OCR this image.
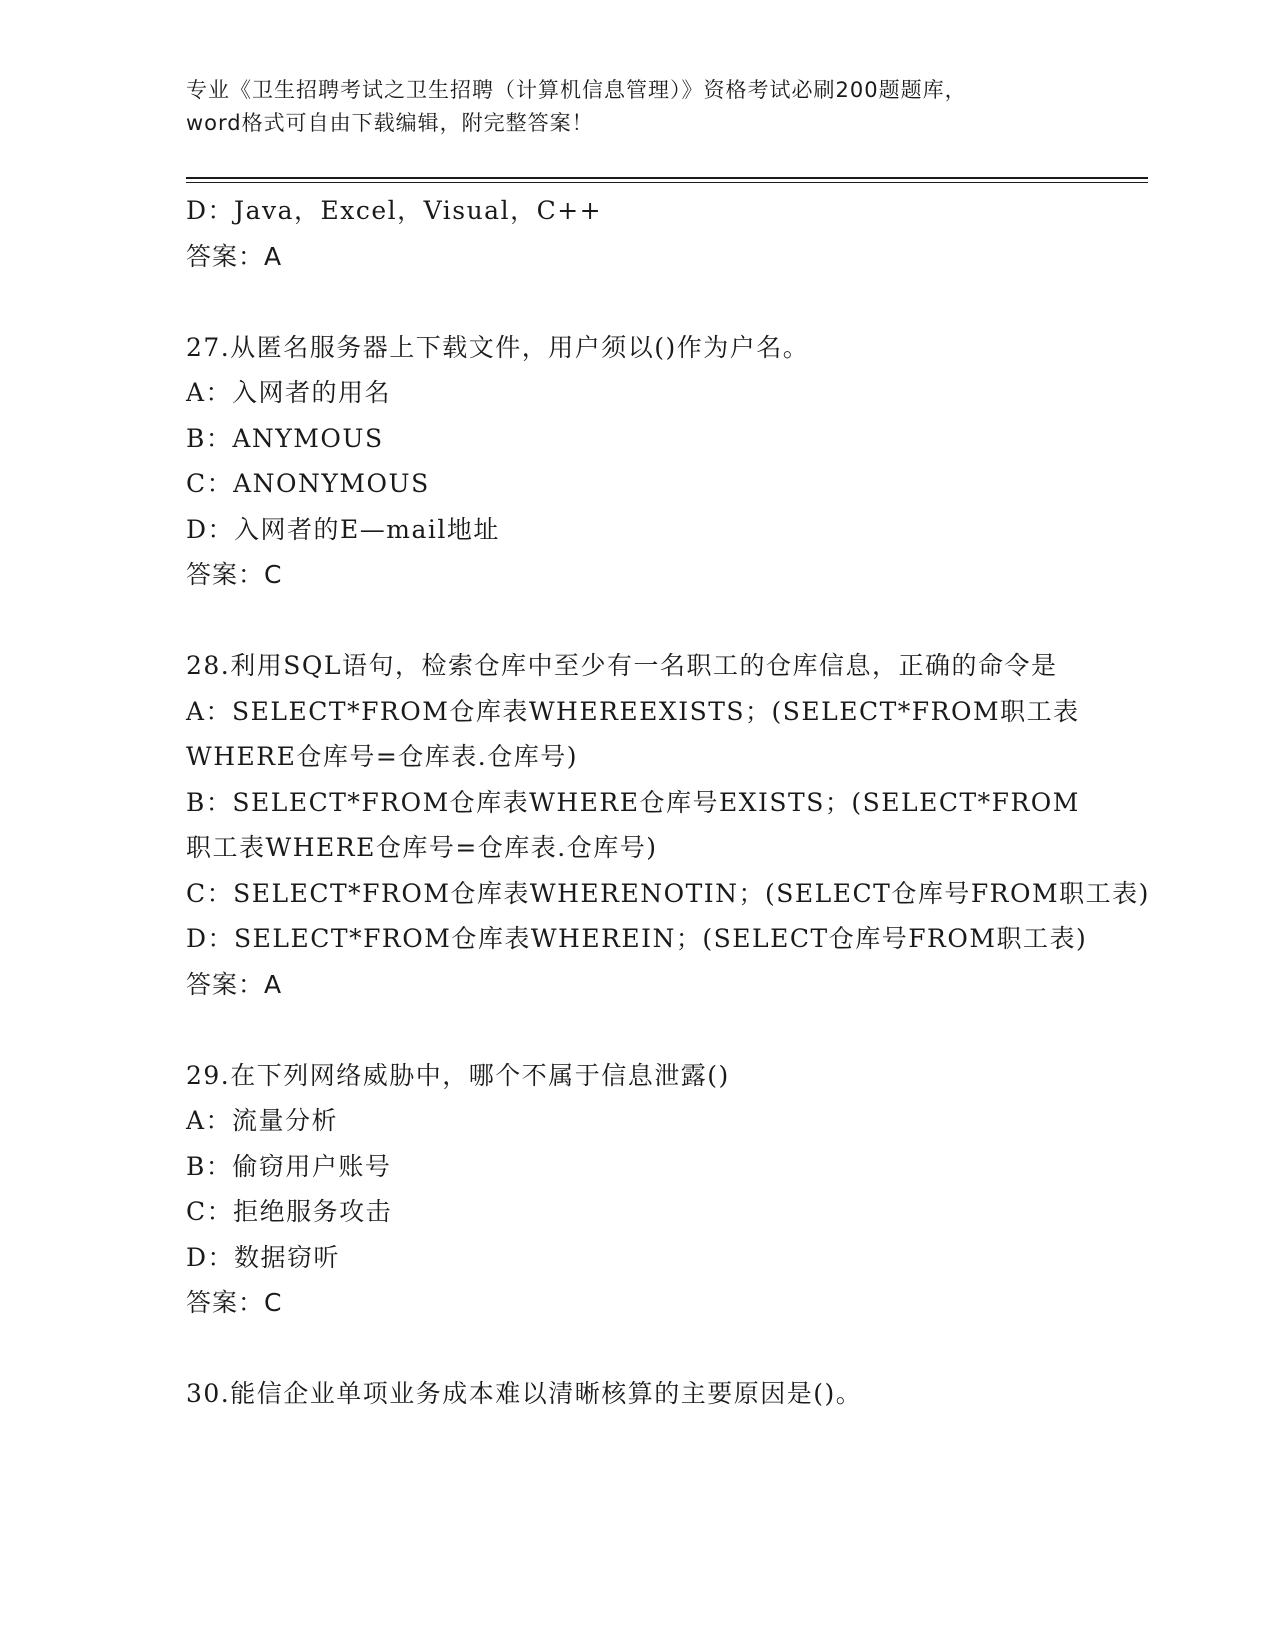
专业《卫生招聘考试之卫生招聘（计算机信息管理）》资格考试必刷200题题库，
word格式可自由下载编辑，附完整答案！
D：Java，Excel，Visual，C++
答案：A
27.从匿名服务器上下载文件，用户须以()作为户名。
A：入网者的用名
B：ANYMOUS
C：ANONYMOUS
D：入网者的E—mail地址
答案：C
28.利用SQL语句，检索仓库中至少有一名职工的仓库信息，正确的命令是
A：SELECT*FROM仓库表WHEREEXISTS；(SELECT*FROM职工表WHERE仓库号=仓库表.仓库号)
B：SELECT*FROM仓库表WHERE仓库号EXISTS；(SELECT*FROM职工表WHERE仓库号=仓库表.仓库号)
C：SELECT*FROM仓库表WHERENOTIN；(SELECT仓库号FROM职工表)
D：SELECT*FROM仓库表WHEREIN；(SELECT仓库号FROM职工表)
答案：A
29.在下列网络威胁中，哪个不属于信息泄露()
A：流量分析
B：偷窃用户账号
C：拒绝服务攻击
D：数据窃听
答案：C
30.能信企业单项业务成本难以清晰核算的主要原因是()。
